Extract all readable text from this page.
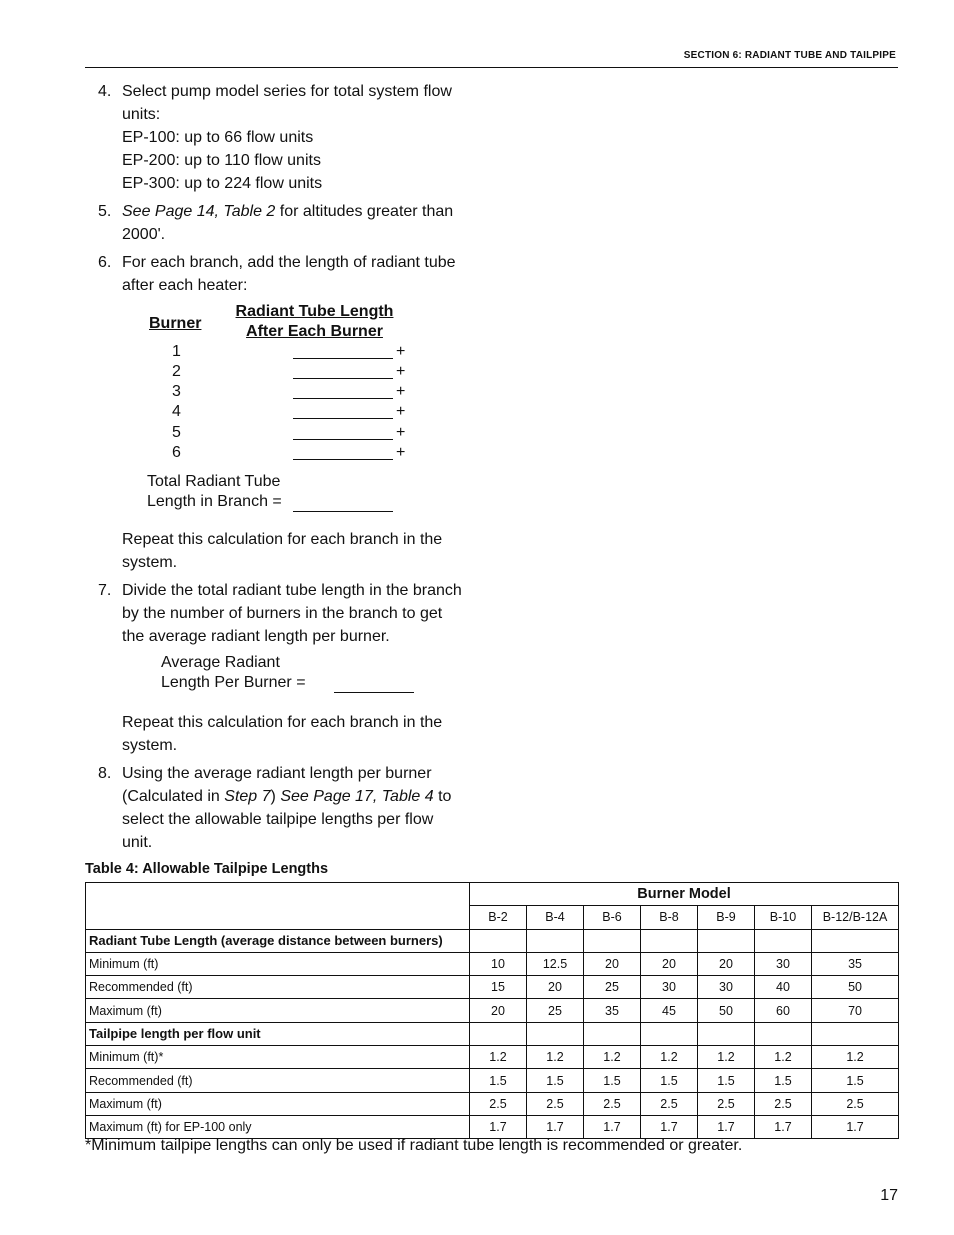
SECTION 6: RADIANT TUBE AND TAILPIPE
4. Select pump model series for total system flow
units:
EP-100: up to 66 flow units
EP-200: up to 110 flow units
EP-300: up to 224 flow units
5. See Page 14, Table 2 for altitudes greater than
2000'.
6. For each branch, add the length of radiant tube
after each heater:
Burner
Radiant Tube Length
After Each Burner
1	+
2	+
3	+
4	+
5	+
6	+
Total Radiant Tube
Length in Branch =
Repeat this calculation for each branch in the
system.
7. Divide the total radiant tube length in the branch
by the number of burners in the branch to get
the average radiant length per burner.
Average Radiant
Length Per Burner =
Repeat this calculation for each branch in the
system.
8. Using the average radiant length per burner
(Calculated in Step 7) See Page 17, Table 4 to
select the allowable tailpipe lengths per flow
unit.
Table 4: Allowable Tailpipe Lengths
	Burner Model						
	B-2	B-4	B-6	B-8	B-9	B-10	B-12/B-12A
Radiant Tube Length (average distance between burners)							
Minimum (ft)	10	12.5	20	20	20	30	35
Recommended (ft)	15	20	25	30	30	40	50
Maximum (ft)	20	25	35	45	50	60	70
Tailpipe length per flow unit							
Minimum (ft)*	1.2	1.2	1.2	1.2	1.2	1.2	1.2
Recommended (ft)	1.5	1.5	1.5	1.5	1.5	1.5	1.5
Maximum (ft)	2.5	2.5	2.5	2.5	2.5	2.5	2.5
Maximum (ft) for EP-100 only	1.7	1.7	1.7	1.7	1.7	1.7	1.7
*Minimum tailpipe lengths can only be used if radiant tube length is recommended or greater.
17
